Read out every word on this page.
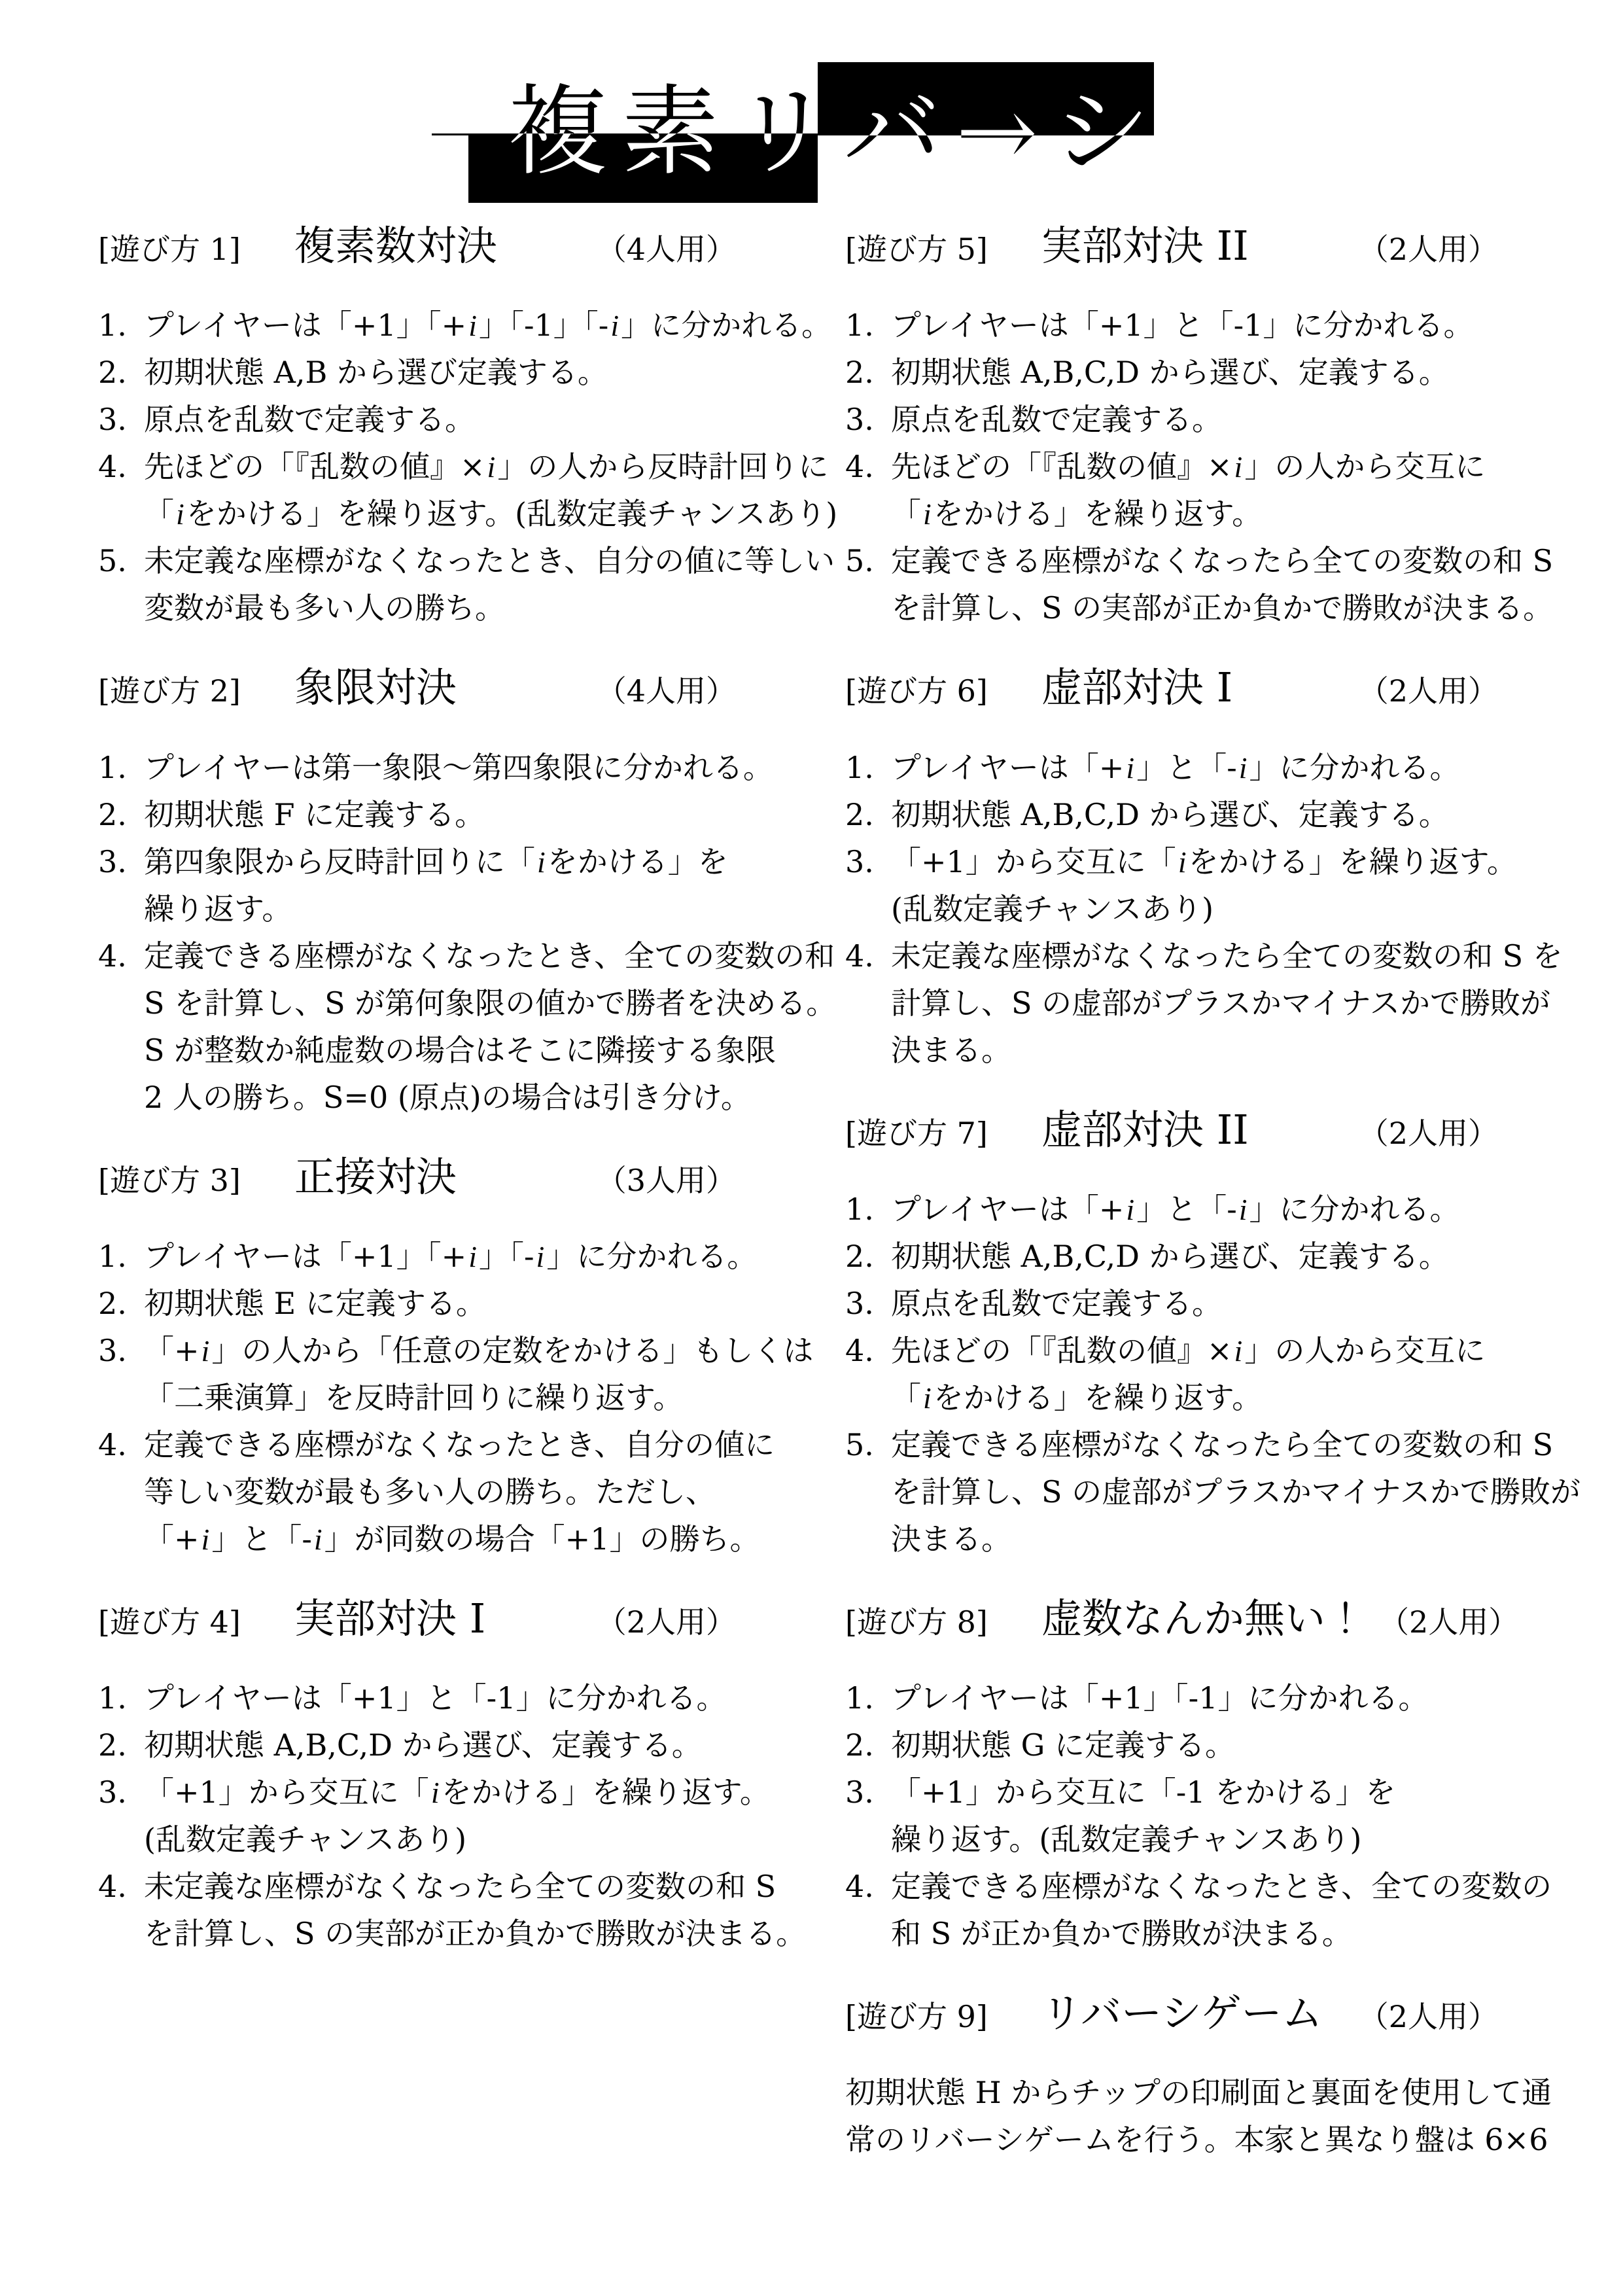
複素リバ→シ
[遊び方 1]	複素数対決	（4人用）
1. プレイヤーは「+1」「+i」「-1」「-i」に分かれる。
2. 初期状態 A,B から選び定義する。
3. 原点を乱数で定義する。
4. 先ほどの「『乱数の値』×i」の人から反時計回りに
「iをかける」を繰り返す。(乱数定義チャンスあり)
5. 未定義な座標がなくなったとき、自分の値に等しい
変数が最も多い人の勝ち。
[遊び方 2]	象限対決	（4人用）
1. プレイヤーは第一象限〜第四象限に分かれる。
2. 初期状態 F に定義する。
3. 第四象限から反時計回りに「iをかける」を
繰り返す。
4. 定義できる座標がなくなったとき、全ての変数の和
S を計算し、S が第何象限の値かで勝者を決める。
S が整数か純虚数の場合はそこに隣接する象限
2 人の勝ち。S=0 (原点)の場合は引き分け。
[遊び方 3]	正接対決	（3人用）
1. プレイヤーは「+1」「+i」「-i」に分かれる。
2. 初期状態 E に定義する。
3. 「+i」の人から「任意の定数をかける」もしくは
「二乗演算」を反時計回りに繰り返す。
4. 定義できる座標がなくなったとき、自分の値に
等しい変数が最も多い人の勝ち。ただし、
「+i」と「-i」が同数の場合「+1」の勝ち。
[遊び方 4]	実部対決 I	（2人用）
1. プレイヤーは「+1」と「-1」に分かれる。
2. 初期状態 A,B,C,D から選び、定義する。
3. 「+1」から交互に「iをかける」を繰り返す。
(乱数定義チャンスあり)
4. 未定義な座標がなくなったら全ての変数の和 S
を計算し、S の実部が正か負かで勝敗が決まる。
[遊び方 5]	実部対決 II	（2人用）
1. プレイヤーは「+1」と「-1」に分かれる。
2. 初期状態 A,B,C,D から選び、定義する。
3. 原点を乱数で定義する。
4. 先ほどの「『乱数の値』×i」の人から交互に
「iをかける」を繰り返す。
5. 定義できる座標がなくなったら全ての変数の和 S
を計算し、S の実部が正か負かで勝敗が決まる。
[遊び方 6]	虚部対決 I	（2人用）
1. プレイヤーは「+i」と「-i」に分かれる。
2. 初期状態 A,B,C,D から選び、定義する。
3. 「+1」から交互に「iをかける」を繰り返す。
(乱数定義チャンスあり)
4. 未定義な座標がなくなったら全ての変数の和 S を
計算し、S の虚部がプラスかマイナスかで勝敗が
決まる。
[遊び方 7]	虚部対決 II	（2人用）
1. プレイヤーは「+i」と「-i」に分かれる。
2. 初期状態 A,B,C,D から選び、定義する。
3. 原点を乱数で定義する。
4. 先ほどの「『乱数の値』×i」の人から交互に
「iをかける」を繰り返す。
5. 定義できる座標がなくなったら全ての変数の和 S
を計算し、S の虚部がプラスかマイナスかで勝敗が
決まる。
[遊び方 8]	虚数なんか無い！ （2人用）
1. プレイヤーは「+1」「-1」に分かれる。
2. 初期状態 G に定義する。
3. 「+1」から交互に「-1 をかける」を
繰り返す。(乱数定義チャンスあり)
4. 定義できる座標がなくなったとき、全ての変数の
和 S が正か負かで勝敗が決まる。
[遊び方 9]	リバーシゲーム	（2人用）
初期状態 H からチップの印刷面と裏面を使用して通
常のリバーシゲームを行う。本家と異なり盤は 6×6
